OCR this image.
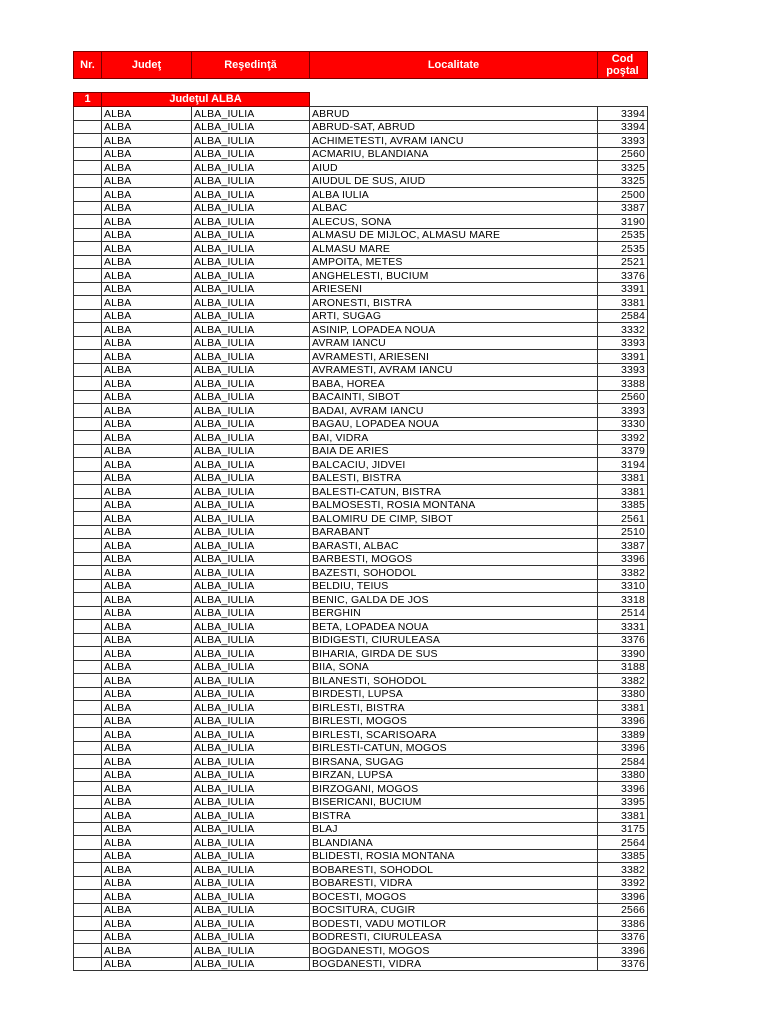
Nr.	Judeţ	Reşedinţă	Localitate	Cod poştal

1	Judeţul ALBA			
	ALBA	ALBA_IULIA	ABRUD	3394
	ALBA	ALBA_IULIA	ABRUD-SAT, ABRUD	3394
	ALBA	ALBA_IULIA	ACHIMETESTI, AVRAM IANCU	3393
	ALBA	ALBA_IULIA	ACMARIU, BLANDIANA	2560
	ALBA	ALBA_IULIA	AIUD	3325
	ALBA	ALBA_IULIA	AIUDUL DE SUS, AIUD	3325
	ALBA	ALBA_IULIA	ALBA IULIA	2500
	ALBA	ALBA_IULIA	ALBAC	3387
	ALBA	ALBA_IULIA	ALECUS, SONA	3190
	ALBA	ALBA_IULIA	ALMASU DE MIJLOC, ALMASU MARE	2535
	ALBA	ALBA_IULIA	ALMASU MARE	2535
	ALBA	ALBA_IULIA	AMPOITA, METES	2521
	ALBA	ALBA_IULIA	ANGHELESTI, BUCIUM	3376
	ALBA	ALBA_IULIA	ARIESENI	3391
	ALBA	ALBA_IULIA	ARONESTI, BISTRA	3381
	ALBA	ALBA_IULIA	ARTI, SUGAG	2584
	ALBA	ALBA_IULIA	ASINIP, LOPADEA NOUA	3332
	ALBA	ALBA_IULIA	AVRAM IANCU	3393
	ALBA	ALBA_IULIA	AVRAMESTI, ARIESENI	3391
	ALBA	ALBA_IULIA	AVRAMESTI, AVRAM IANCU	3393
	ALBA	ALBA_IULIA	BABA, HOREA	3388
	ALBA	ALBA_IULIA	BACAINTI, SIBOT	2560
	ALBA	ALBA_IULIA	BADAI, AVRAM IANCU	3393
	ALBA	ALBA_IULIA	BAGAU, LOPADEA NOUA	3330
	ALBA	ALBA_IULIA	BAI, VIDRA	3392
	ALBA	ALBA_IULIA	BAIA DE ARIES	3379
	ALBA	ALBA_IULIA	BALCACIU, JIDVEI	3194
	ALBA	ALBA_IULIA	BALESTI, BISTRA	3381
	ALBA	ALBA_IULIA	BALESTI-CATUN, BISTRA	3381
	ALBA	ALBA_IULIA	BALMOSESTI, ROSIA MONTANA	3385
	ALBA	ALBA_IULIA	BALOMIRU DE CIMP, SIBOT	2561
	ALBA	ALBA_IULIA	BARABANT	2510
	ALBA	ALBA_IULIA	BARASTI, ALBAC	3387
	ALBA	ALBA_IULIA	BARBESTI, MOGOS	3396
	ALBA	ALBA_IULIA	BAZESTI, SOHODOL	3382
	ALBA	ALBA_IULIA	BELDIU, TEIUS	3310
	ALBA	ALBA_IULIA	BENIC, GALDA DE JOS	3318
	ALBA	ALBA_IULIA	BERGHIN	2514
	ALBA	ALBA_IULIA	BETA, LOPADEA NOUA	3331
	ALBA	ALBA_IULIA	BIDIGESTI, CIURULEASA	3376
	ALBA	ALBA_IULIA	BIHARIA, GIRDA DE SUS	3390
	ALBA	ALBA_IULIA	BIIA, SONA	3188
	ALBA	ALBA_IULIA	BILANESTI, SOHODOL	3382
	ALBA	ALBA_IULIA	BIRDESTI, LUPSA	3380
	ALBA	ALBA_IULIA	BIRLESTI, BISTRA	3381
	ALBA	ALBA_IULIA	BIRLESTI, MOGOS	3396
	ALBA	ALBA_IULIA	BIRLESTI, SCARISOARA	3389
	ALBA	ALBA_IULIA	BIRLESTI-CATUN, MOGOS	3396
	ALBA	ALBA_IULIA	BIRSANA, SUGAG	2584
	ALBA	ALBA_IULIA	BIRZAN, LUPSA	3380
	ALBA	ALBA_IULIA	BIRZOGANI, MOGOS	3396
	ALBA	ALBA_IULIA	BISERICANI, BUCIUM	3395
	ALBA	ALBA_IULIA	BISTRA	3381
	ALBA	ALBA_IULIA	BLAJ	3175
	ALBA	ALBA_IULIA	BLANDIANA	2564
	ALBA	ALBA_IULIA	BLIDESTI, ROSIA MONTANA	3385
	ALBA	ALBA_IULIA	BOBARESTI, SOHODOL	3382
	ALBA	ALBA_IULIA	BOBARESTI, VIDRA	3392
	ALBA	ALBA_IULIA	BOCESTI, MOGOS	3396
	ALBA	ALBA_IULIA	BOCSITURA, CUGIR	2566
	ALBA	ALBA_IULIA	BODESTI, VADU MOTILOR	3386
	ALBA	ALBA_IULIA	BODRESTI, CIURULEASA	3376
	ALBA	ALBA_IULIA	BOGDANESTI, MOGOS	3396
	ALBA	ALBA_IULIA	BOGDANESTI, VIDRA	3376
